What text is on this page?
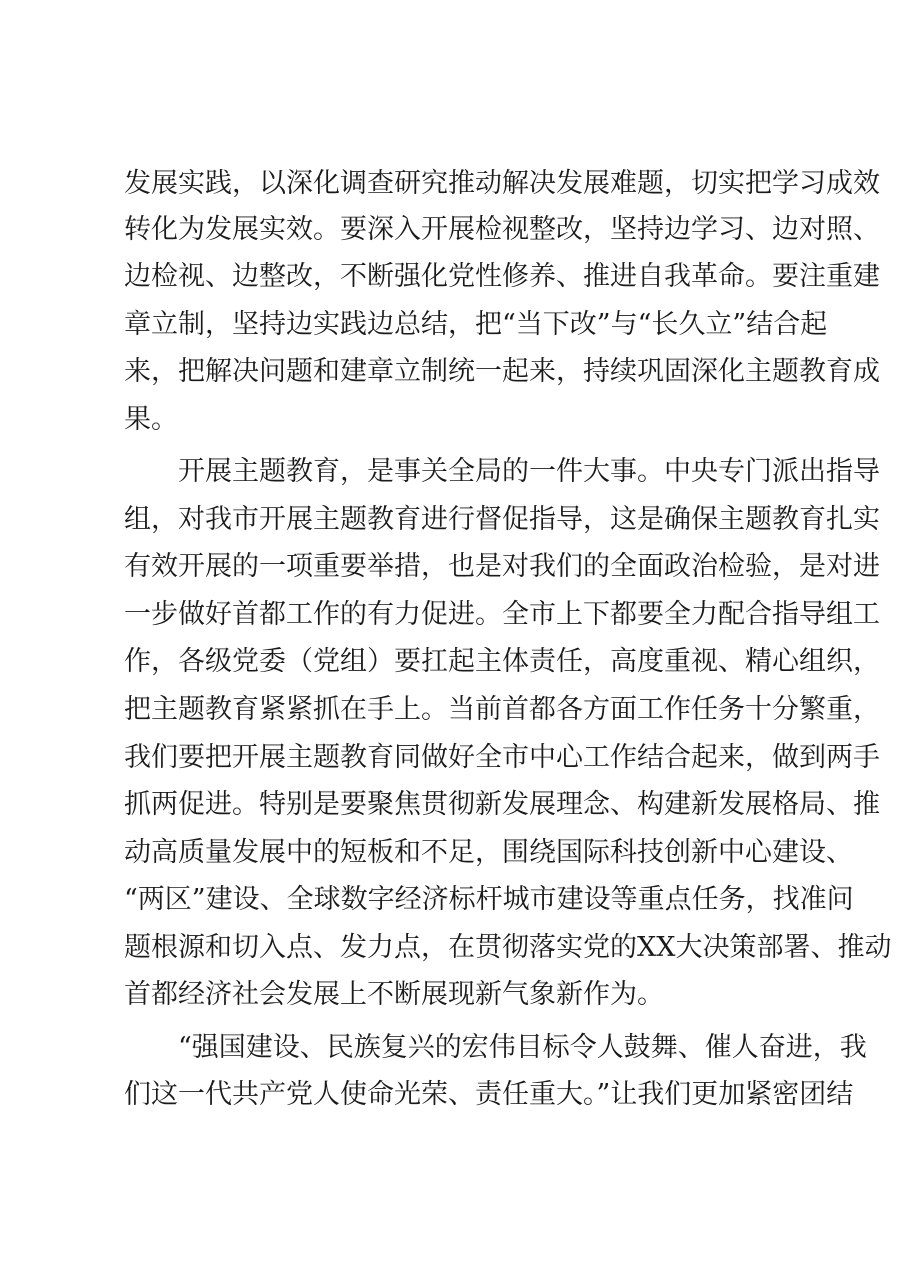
发展实践，以深化调查研究推动解决发展难题，切实把学习成效
转化为发展实效。要深入开展检视整改，坚持边学习、边对照、
边检视、边整改，不断强化党性修养、推进自我革命。要注重建
章立制，坚持边实践边总结，把“当下改”与“长久立”结合起
来，把解决问题和建章立制统一起来，持续巩固深化主题教育成
果。
开展主题教育，是事关全局的一件大事。中央专门派出指导
组，对我市开展主题教育进行督促指导，这是确保主题教育扎实
有效开展的一项重要举措，也是对我们的全面政治检验，是对进
一步做好首都工作的有力促进。全市上下都要全力配合指导组工
作，各级党委（党组）要扛起主体责任，高度重视、精心组织，
把主题教育紧紧抓在手上。当前首都各方面工作任务十分繁重，
我们要把开展主题教育同做好全市中心工作结合起来，做到两手
抓两促进。特别是要聚焦贯彻新发展理念、构建新发展格局、推
动高质量发展中的短板和不足，围绕国际科技创新中心建设、
“两区”建设、全球数字经济标杆城市建设等重点任务，找准问
题根源和切入点、发力点，在贯彻落实党的XX大决策部署、推动
首都经济社会发展上不断展现新气象新作为。
“强国建设、民族复兴的宏伟目标令人鼓舞、催人奋进，我
们这一代共产党人使命光荣、责任重大。”让我们更加紧密团结
